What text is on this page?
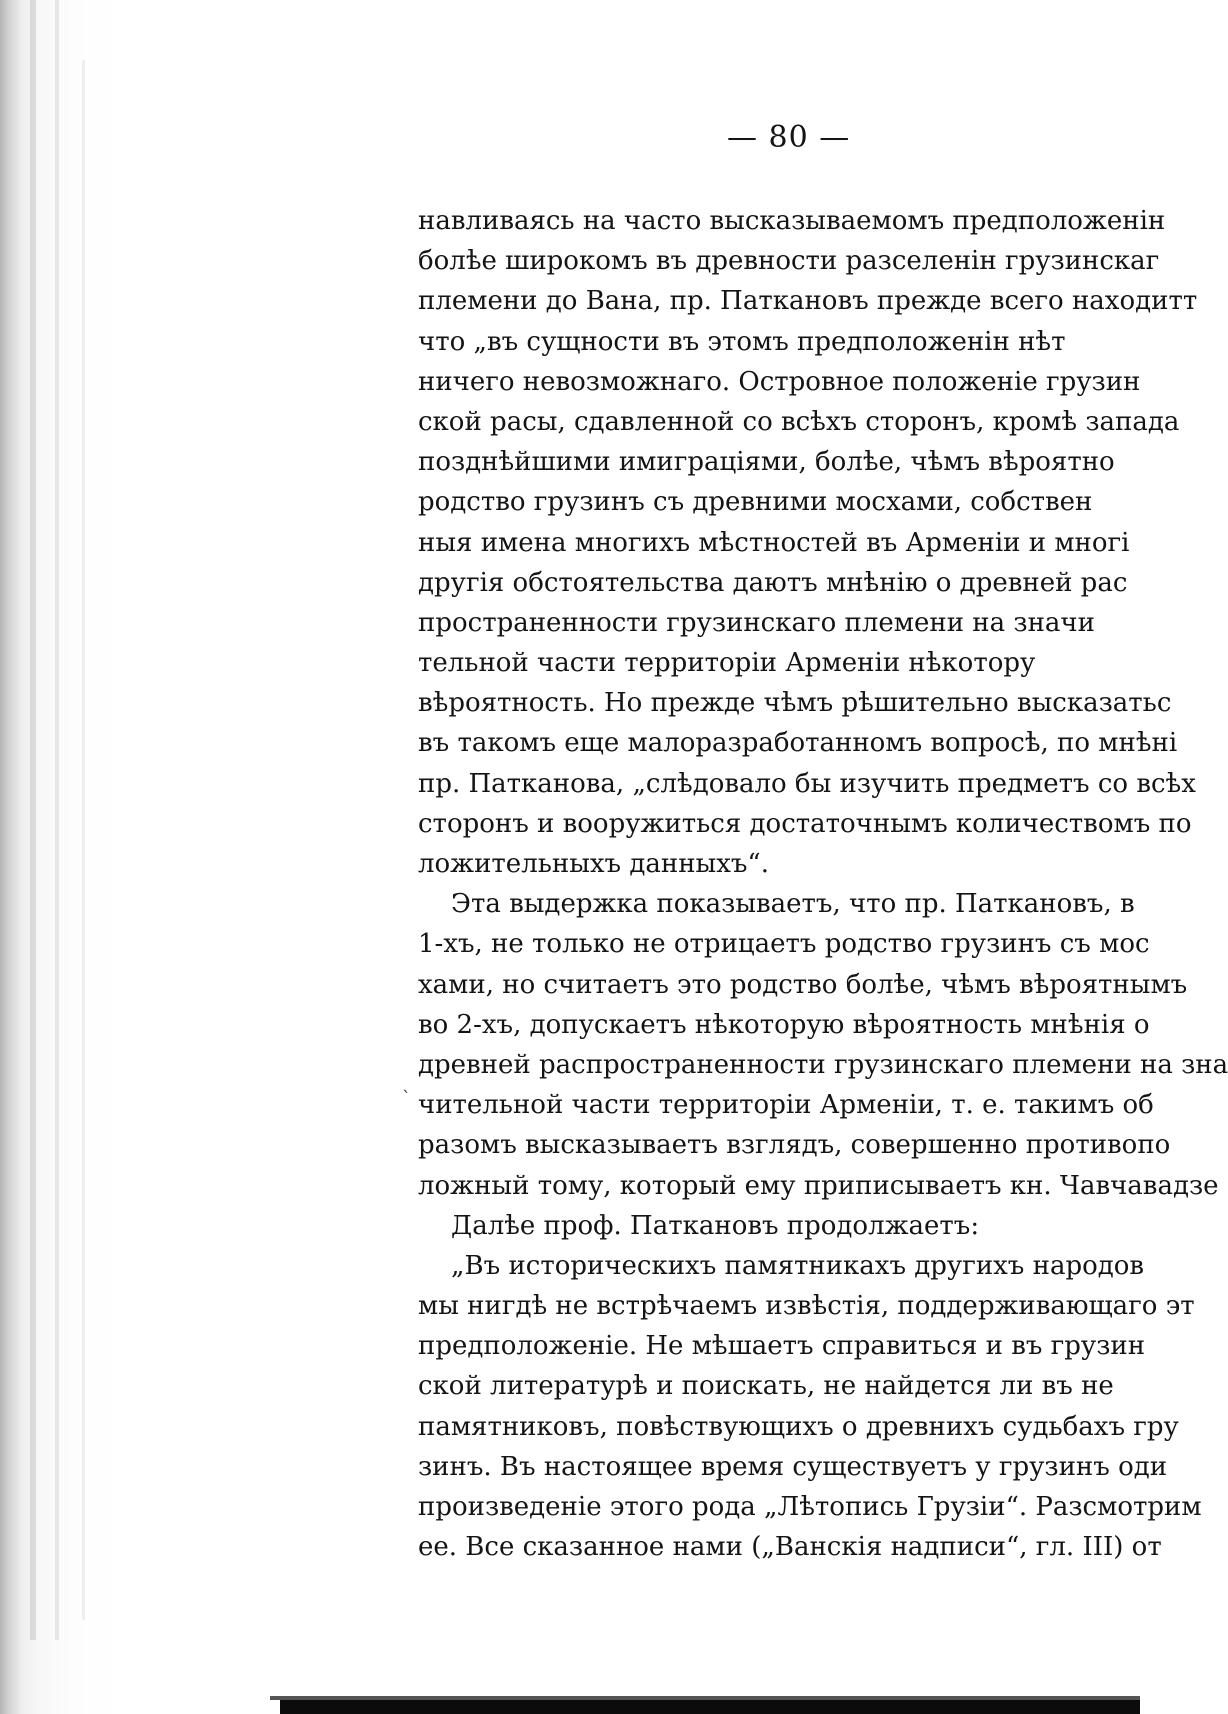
— 80 —
навливаясь на часто высказываемомъ предположенін
болѣе широкомъ въ древности разселенін грузинскаг
племени до Вана, пр. Паткановъ прежде всего находитт
что „въ сущности въ этомъ предположенін нѣт
ничего невозможнаго. Островное положеніе грузин
ской расы, сдавленной со всѣхъ сторонъ, кромѣ запада
позднѣйшими имиграціями, болѣе, чѣмъ вѣроятно
родство грузинъ съ древними мосхами, собствен
ныя имена многихъ мѣстностей въ Арменіи и многі
другія обстоятельства даютъ мнѣнію о древней рас
пространенности грузинскаго племени на значи
тельной части территоріи Арменіи нѣкотору
вѣроятность. Но прежде чѣмъ рѣшительно высказатьс
въ такомъ еще малоразработанномъ вопросѣ, по мнѣні
пр. Патканова, „слѣдовало бы изучить предметъ со всѣх
сторонъ и вооружиться достаточнымъ количествомъ по
ложительныхъ данныхъ“.
Эта выдержка показываетъ, что пр. Паткановъ, в
1-хъ, не только не отрицаетъ родство грузинъ съ мос
хами, но считаетъ это родство болѣе, чѣмъ вѣроятнымъ
во 2-хъ, допускаетъ нѣкоторую вѣроятность мнѣнія о
древней распространенности грузинскаго племени на зна
чительной части территоріи Арменіи, т. е. такимъ об
разомъ высказываетъ взглядъ, совершенно противопо
ложный тому, который ему приписываетъ кн. Чавчавадзе
Далѣе проф. Паткановъ продолжаетъ:
„Въ историческихъ памятникахъ другихъ народов
мы нигдѣ не встрѣчаемъ извѣстія, поддерживающаго эт
предположеніе. Не мѣшаетъ справиться и въ грузин
ской литературѣ и поискать, не найдется ли въ не
памятниковъ, повѣствующихъ о древнихъ судьбахъ гру
зинъ. Въ настоящее время существуетъ у грузинъ оди
произведеніе этого рода „Лѣтопись Грузіи“. Разсмотрим
ее. Все сказанное нами („Ванскія надписи“, гл. III) от
`
